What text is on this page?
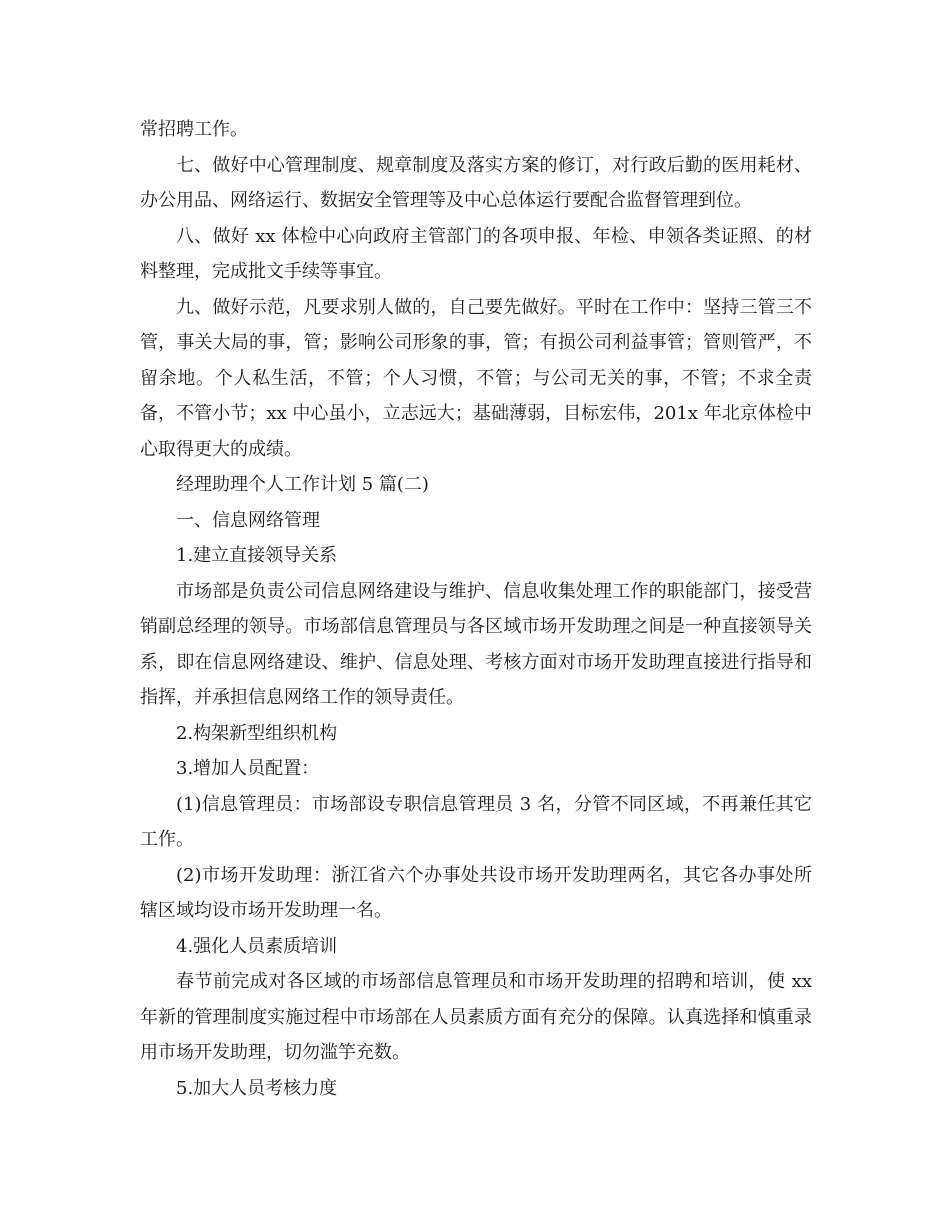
常招聘工作。

七、做好中心管理制度、规章制度及落实方案的修订，对行政后勤的医用耗材、办公用品、网络运行、数据安全管理等及中心总体运行要配合监督管理到位。

八、做好 xx 体检中心向政府主管部门的各项申报、年检、申领各类证照、的材料整理，完成批文手续等事宜。

九、做好示范，凡要求别人做的，自己要先做好。平时在工作中：坚持三管三不管，事关大局的事，管；影响公司形象的事，管；有损公司利益事管；管则管严，不留余地。个人私生活，不管；个人习惯，不管；与公司无关的事，不管；不求全责备，不管小节；xx 中心虽小，立志远大；基础薄弱，目标宏伟，201x 年北京体检中心取得更大的成绩。

经理助理个人工作计划 5 篇(二)

一、信息网络管理

1.建立直接领导关系

市场部是负责公司信息网络建设与维护、信息收集处理工作的职能部门，接受营销副总经理的领导。市场部信息管理员与各区域市场开发助理之间是一种直接领导关系，即在信息网络建设、维护、信息处理、考核方面对市场开发助理直接进行指导和指挥，并承担信息网络工作的领导责任。

2.构架新型组织机构

3.增加人员配置：

(1)信息管理员：市场部设专职信息管理员 3 名，分管不同区域，不再兼任其它工作。

(2)市场开发助理：浙江省六个办事处共设市场开发助理两名，其它各办事处所辖区域均设市场开发助理一名。

4.强化人员素质培训

春节前完成对各区域的市场部信息管理员和市场开发助理的招聘和培训，使 xx 年新的管理制度实施过程中市场部在人员素质方面有充分的保障。认真选择和慎重录用市场开发助理，切勿滥竽充数。

5.加大人员考核力度
